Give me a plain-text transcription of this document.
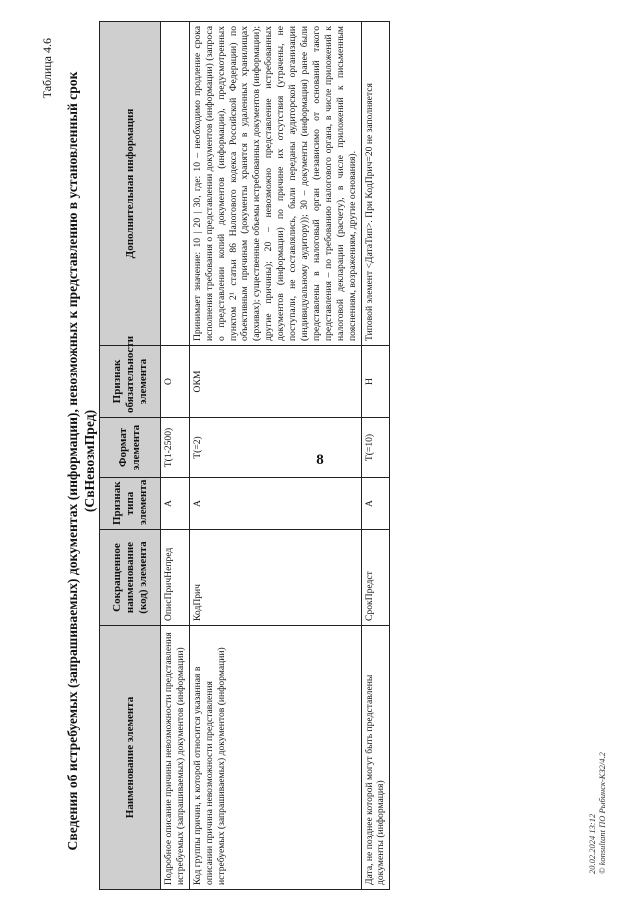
8
Таблица 4.6
Сведения об истребуемых (запрашиваемых) документах (информации), невозможных к представлению в установленный срок (СвНевозмПред)
Наименование элемента	Сокращенное наименование (код) элемента	Признак типа элемента	Формат элемента	Признак обязательности элемента	Дополнительная информация
Подробное описание причины невозможности представления истребуемых (запрашиваемых) документов (информации)	ОписПричНепред	А	T(1-2500)	О	
Код группы причин, к которой относится указанная в описании причина невозможности представления истребуемых (запрашиваемых) документов (информации)	КодПрич	А	T(=2)	ОКМ	Принимает значение: 10 | 20 | 30, где: 10 – необходимо продление срока исполнения требования о представлении документов (информации) (запроса о представлении копий документов (информации), предусмотренных пунктом 2¹ статьи 86 Налогового кодекса Российской Федерации) по объективным причинам (документы хранятся в удаленных хранилищах (архивах); существенные объемы истребованных документов (информации); другие причины); 20 – невозможно представление истребованных документов (информации) по причине их отсутствия (утрачены, не поступали, не составлялись, были переданы аудиторской организации (индивидуальному аудитору)); 30 – документы (информация) ранее были представлены в налоговый орган (независимо от оснований такого представления – по требованию налогового органа, в числе приложений к налоговой декларации (расчету), в числе приложений к письменным пояснениям, возражениям, другие основания).
Дата, не позднее которой могут быть представлены документы (информация)	СрокПредст	А	T(=10)	Н	Типовой элемент <ДатаТип>. При КодПрич=20 не заполняется
20.02.2024 13:12 © konsultant ПО Рыбинск-КЗ2/4.2
